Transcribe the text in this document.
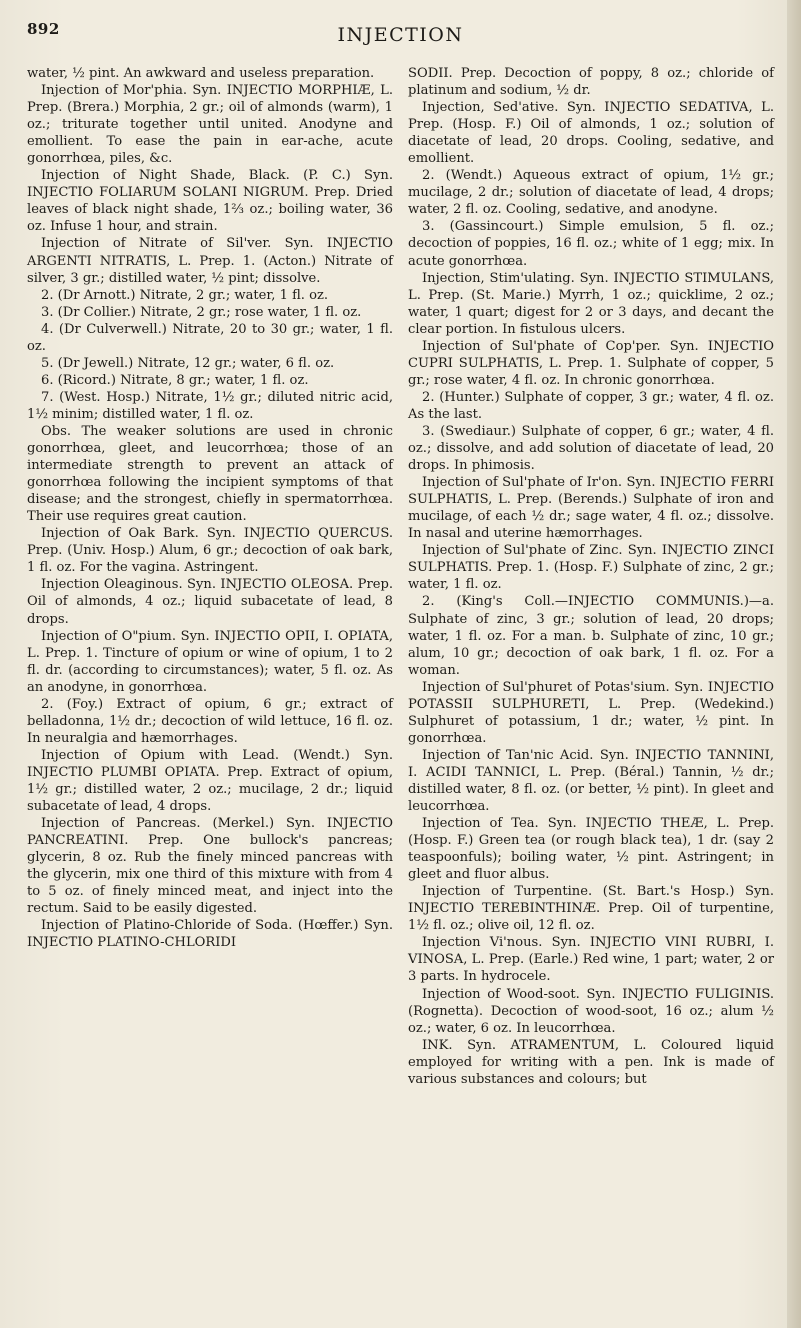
892	INJECTION

water, ½ pint. An awkward and useless preparation.

Injection of Mor'phia. Syn. INJECTIO MORPHIÆ, L. Prep. (Brera.) Morphia, 2 gr.; oil of almonds (warm), 1 oz.; triturate together until united. Anodyne and emollient. To ease the pain in ear-ache, acute gonorrhœa, piles, &c.

Injection of Night Shade, Black. (P. C.) Syn. INJECTIO FOLIARUM SOLANI NIGRUM. Prep. Dried leaves of black night shade, 1⅔ oz.; boiling water, 36 oz. Infuse 1 hour, and strain.

Injection of Nitrate of Sil'ver. Syn. INJECTIO ARGENTI NITRATIS, L. Prep. 1. (Acton.) Nitrate of silver, 3 gr.; distilled water, ½ pint; dissolve.

2. (Dr Arnott.) Nitrate, 2 gr.; water, 1 fl. oz.

3. (Dr Collier.) Nitrate, 2 gr.; rose water, 1 fl. oz.

4. (Dr Culverwell.) Nitrate, 20 to 30 gr.; water, 1 fl. oz.

5. (Dr Jewell.) Nitrate, 12 gr.; water, 6 fl. oz.

6. (Ricord.) Nitrate, 8 gr.; water, 1 fl. oz.

7. (West. Hosp.) Nitrate, 1½ gr.; diluted nitric acid, 1½ minim; distilled water, 1 fl. oz.

Obs. The weaker solutions are used in chronic gonorrhœa, gleet, and leucorrhœa; those of an intermediate strength to prevent an attack of gonorrhœa following the incipient symptoms of that disease; and the strongest, chiefly in spermatorrhœa. Their use requires great caution.

Injection of Oak Bark. Syn. INJECTIO QUERCUS. Prep. (Univ. Hosp.) Alum, 6 gr.; decoction of oak bark, 1 fl. oz. For the vagina. Astringent.

Injection Oleaginous. Syn. INJECTIO OLEOSA. Prep. Oil of almonds, 4 oz.; liquid subacetate of lead, 8 drops.

Injection of O"pium. Syn. INJECTIO OPII, I. OPIATA, L. Prep. 1. Tincture of opium or wine of opium, 1 to 2 fl. dr. (according to circumstances); water, 5 fl. oz. As an anodyne, in gonorrhœa.

2. (Foy.) Extract of opium, 6 gr.; extract of belladonna, 1½ dr.; decoction of wild lettuce, 16 fl. oz. In neuralgia and hæmorrhages.

Injection of Opium with Lead. (Wendt.) Syn. INJECTIO PLUMBI OPIATA. Prep. Extract of opium, 1½ gr.; distilled water, 2 oz.; mucilage, 2 dr.; liquid subacetate of lead, 4 drops.

Injection of Pancreas. (Merkel.) Syn. INJECTIO PANCREATINI. Prep. One bullock's pancreas; glycerin, 8 oz. Rub the finely minced pancreas with the glycerin, mix one third of this mixture with from 4 to 5 oz. of finely minced meat, and inject into the rectum. Said to be easily digested.

Injection of Platino-Chloride of Soda. (Hœffer.) Syn. INJECTIO PLATINO-CHLORIDI

SODII. Prep. Decoction of poppy, 8 oz.; chloride of platinum and sodium, ½ dr.

Injection, Sed'ative. Syn. INJECTIO SEDATIVA, L. Prep. (Hosp. F.) Oil of almonds, 1 oz.; solution of diacetate of lead, 20 drops. Cooling, sedative, and emollient.

2. (Wendt.) Aqueous extract of opium, 1½ gr.; mucilage, 2 dr.; solution of diacetate of lead, 4 drops; water, 2 fl. oz. Cooling, sedative, and anodyne.

3. (Gassincourt.) Simple emulsion, 5 fl. oz.; decoction of poppies, 16 fl. oz.; white of 1 egg; mix. In acute gonorrhœa.

Injection, Stim'ulating. Syn. INJECTIO STIMULANS, L. Prep. (St. Marie.) Myrrh, 1 oz.; quicklime, 2 oz.; water, 1 quart; digest for 2 or 3 days, and decant the clear portion. In fistulous ulcers.

Injection of Sul'phate of Cop'per. Syn. INJECTIO CUPRI SULPHATIS, L. Prep. 1. Sulphate of copper, 5 gr.; rose water, 4 fl. oz. In chronic gonorrhœa.

2. (Hunter.) Sulphate of copper, 3 gr.; water, 4 fl. oz. As the last.

3. (Swediaur.) Sulphate of copper, 6 gr.; water, 4 fl. oz.; dissolve, and add solution of diacetate of lead, 20 drops. In phimosis.

Injection of Sul'phate of Ir'on. Syn. INJECTIO FERRI SULPHATIS, L. Prep. (Berends.) Sulphate of iron and mucilage, of each ½ dr.; sage water, 4 fl. oz.; dissolve. In nasal and uterine hæmorrhages.

Injection of Sul'phate of Zinc. Syn. INJECTIO ZINCI SULPHATIS. Prep. 1. (Hosp. F.) Sulphate of zinc, 2 gr.; water, 1 fl. oz.

2. (King's Coll.—INJECTIO COMMUNIS.)—a. Sulphate of zinc, 3 gr.; solution of lead, 20 drops; water, 1 fl. oz. For a man. b. Sulphate of zinc, 10 gr.; alum, 10 gr.; decoction of oak bark, 1 fl. oz. For a woman.

Injection of Sul'phuret of Potas'sium. Syn. INJECTIO POTASSII SULPHURETI, L. Prep. (Wedekind.) Sulphuret of potassium, 1 dr.; water, ½ pint. In gonorrhœa.

Injection of Tan'nic Acid. Syn. INJECTIO TANNINI, I. ACIDI TANNICI, L. Prep. (Béral.) Tannin, ½ dr.; distilled water, 8 fl. oz. (or better, ½ pint). In gleet and leucorrhœa.

Injection of Tea. Syn. INJECTIO THEÆ, L. Prep. (Hosp. F.) Green tea (or rough black tea), 1 dr. (say 2 teaspoonfuls); boiling water, ½ pint. Astringent; in gleet and fluor albus.

Injection of Turpentine. (St. Bart.'s Hosp.) Syn. INJECTIO TEREBINTHINÆ. Prep. Oil of turpentine, 1½ fl. oz.; olive oil, 12 fl. oz.

Injection Vi'nous. Syn. INJECTIO VINI RUBRI, I. VINOSA, L. Prep. (Earle.) Red wine, 1 part; water, 2 or 3 parts. In hydrocele.

Injection of Wood-soot. Syn. INJECTIO FULIGINIS. (Rognetta). Decoction of wood-soot, 16 oz.; alum ½ oz.; water, 6 oz. In leucorrhœa.

INK. Syn. ATRAMENTUM, L. Coloured liquid employed for writing with a pen. Ink is made of various substances and colours; but
